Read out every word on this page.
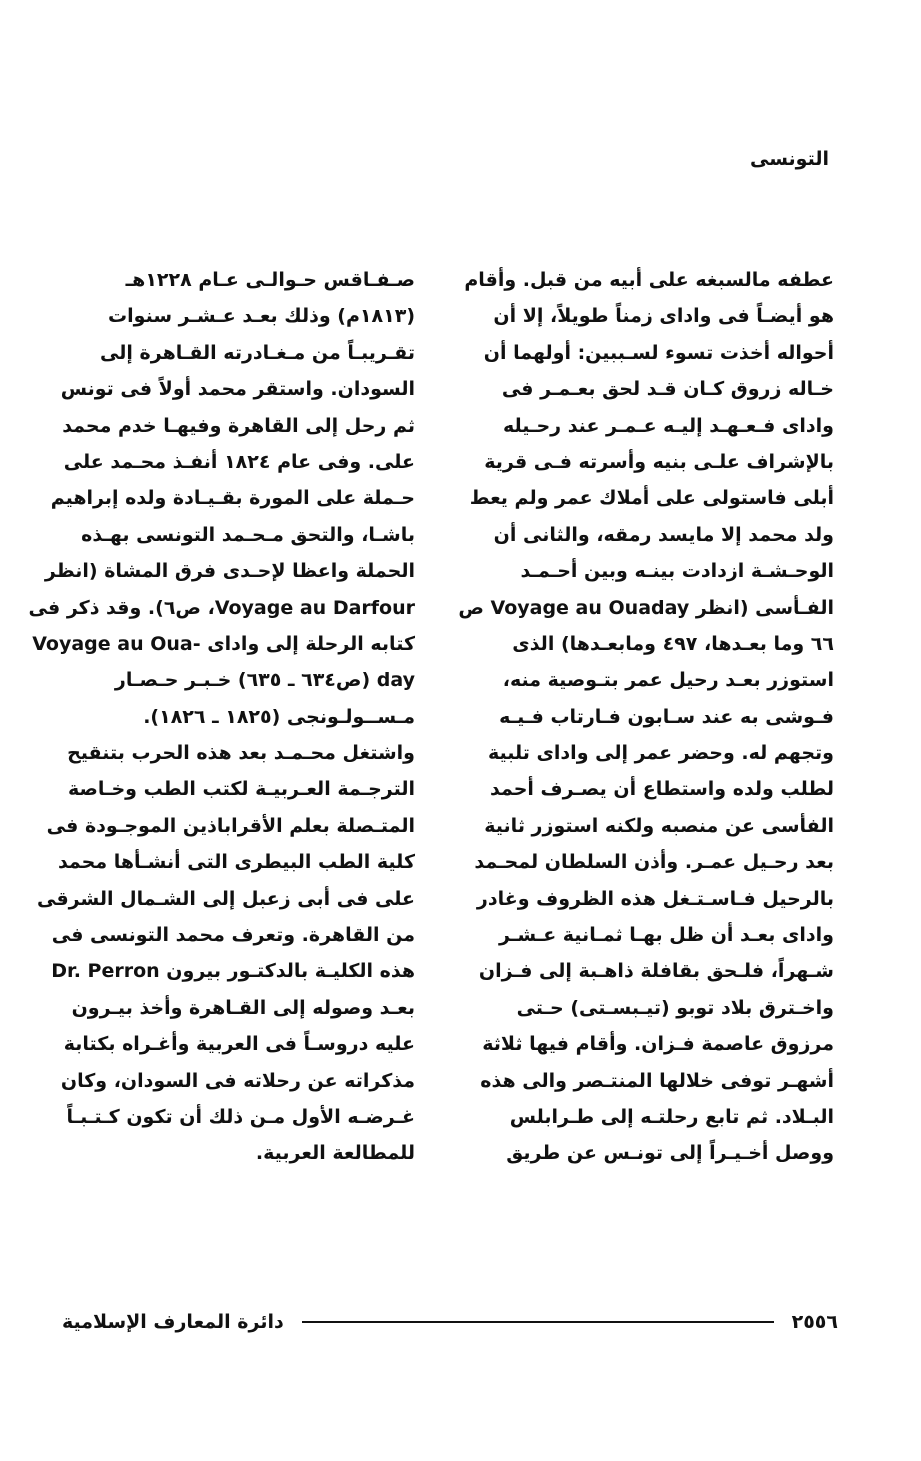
التونسى
عطفه مالسبغه على أبيه من قبل. وأقام
هو أيضـاً فى واداى زمناً طويلاً، إلا أن
أحواله أخذت تسوء لسـببين: أولهما أن
خـاله زروق كـان قـد لحق بعـمـر فى
واداى فـعـهـد إليـه عـمـر عند رحـيله
بالإشراف علـى بنيه وأسرته فـى قرية
أبلى فاستولى على أملاك عمر ولم يعط
ولد محمد إلا مايسد رمقه، والثانى أن
الوحـشـة ازدادت بينـه وبين أحـمـد
الفـأسى (انظر Voyage au Ouaday ص
٦٦ وما بعـدها، ٤٩٧ ومابعـدها) الذى
استوزر بعـد رحيل عمر بتـوصية منه،
فـوشى به عند سـابون فـارتاب فـيـه
وتجهم له. وحضر عمر إلى واداى تلبية
لطلب ولده واستطاع أن يصـرف أحمد
الفأسى عن منصبه ولكنه استوزر ثانية
بعد رحـيل عمـر. وأذن السلطان لمحـمد
بالرحيل فـاسـتـغل هذه الظروف وغادر
واداى بعـد أن ظل بهـا ثمـانية عـشـر
شـهراً، فلـحق بقافلة ذاهـبة إلى فـزان
واخـترق بلاد توبو (تيـبسـتى) حـتى
مرزوق عاصمة فـزان. وأقام فيها ثلاثة
أشهـر توفى خلالها المنتـصر والى هذه
البـلاد. ثم تابع رحلتـه إلى طـرابلس
ووصل أخـيـراً إلى تونـس عن طريق
صـفـاقس حـوالـى عـام ١٢٢٨هـ
(١٨١٣م) وذلك بعـد عـشـر سنوات
تقـريبـاً من مـغـادرته القـاهرة إلى
السودان. واستقر محمد أولاً فى تونس
ثم رحل إلى القاهرة وفيهـا خدم محمد
على. وفى عام ١٨٢٤ أنفـذ محـمد على
حـملة على المورة بقـيـادة ولده إبراهيم
باشـا، والتحق مـحـمد التونسى بهـذه
الحملة واعظا لإحـدى فرق المشاة (انظر
Voyage au Darfour، ص٦). وقد ذكر فى
كتابه الرحلة إلى واداى -Voyage au Oua
day (ص٦٣٤ ـ ٦٣٥) خـبـر حـصـار
مـســولـونجى (١٨٢٥ ـ ١٨٢٦).
واشتغل محـمـد بعد هذه الحرب بتنقيح
الترجـمة العـربيـة لكتب الطب وخـاصة
المتـصلة بعلم الأقراباذين الموجـودة فى
كلية الطب البيطرى التى أنشـأها محمد
على فى أبى زعبل إلى الشـمال الشرقى
من القاهرة. وتعرف محمد التونسى فى
هذه الكليـة بالدكتـور بيرون Dr. Perron
بعـد وصوله إلى القـاهرة وأخذ بيـرون
عليه دروسـاً فى العربية وأغـراه بكتابة
مذكراته عن رحلاته فى السودان، وكان
غـرضـه الأول مـن ذلك أن تكون كـتـبـاً
للمطالعة العربية.
دائرة المعارف الإسلامية	٢٥٥٦
